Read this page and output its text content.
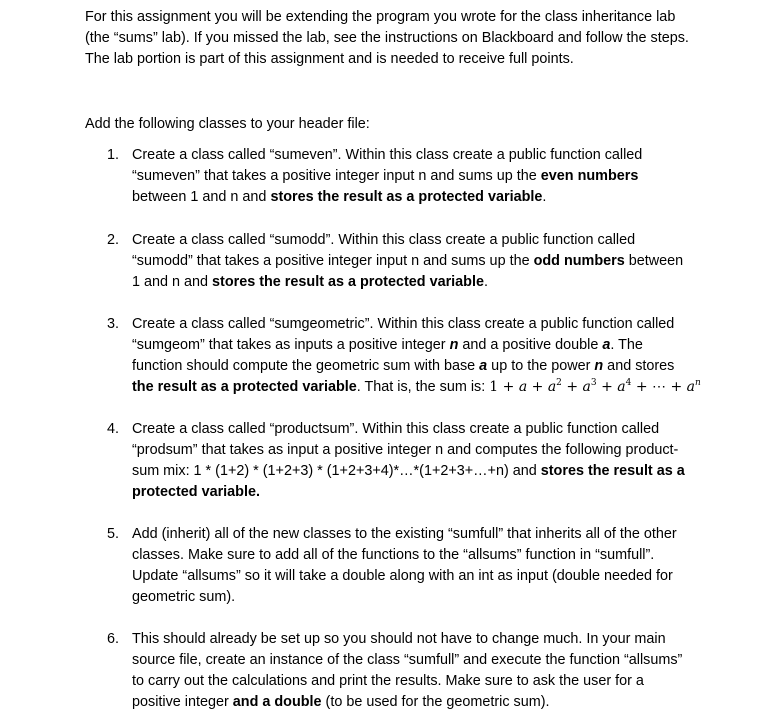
For this assignment you will be extending the program you wrote for the class inheritance lab
(the “sums” lab). If you missed the lab, see the instructions on Blackboard and follow the steps.
The lab portion is part of this assignment and is needed to receive full points.
Add the following classes to your header file:
1. Create a class called “sumeven”. Within this class create a public function called
“sumeven” that takes a positive integer input n and sums up the even numbers
between 1 and n and stores the result as a protected variable.
2. Create a class called “sumodd”. Within this class create a public function called
“sumodd” that takes a positive integer input n and sums up the odd numbers between
1 and n and stores the result as a protected variable.
3. Create a class called “sumgeometric”. Within this class create a public function called
“sumgeom” that takes as inputs a positive integer n and a positive double a. The
function should compute the geometric sum with base a up to the power n and stores
the result as a protected variable. That is, the sum is: $1 + a + a^2 + a^3 + a^4$ + ⋯ + $a^n$
4. Create a class called “productsum”. Within this class create a public function called
“prodsum” that takes as input a positive integer n and computes the following product-
sum mix: 1 * (1+2) * (1+2+3) * (1+2+3+4)*…*(1+2+3+…+n) and stores the result as a
protected variable.
5. Add (inherit) all of the new classes to the existing “sumfull” that inherits all of the other
classes. Make sure to add all of the functions to the “allsums” function in “sumfull”.
Update “allsums” so it will take a double along with an int as input (double needed for
geometric sum).
6. This should already be set up so you should not have to change much. In your main
source file, create an instance of the class “sumfull” and execute the function “allsums”
to carry out the calculations and print the results. Make sure to ask the user for a
positive integer and a double (to be used for the geometric sum).
